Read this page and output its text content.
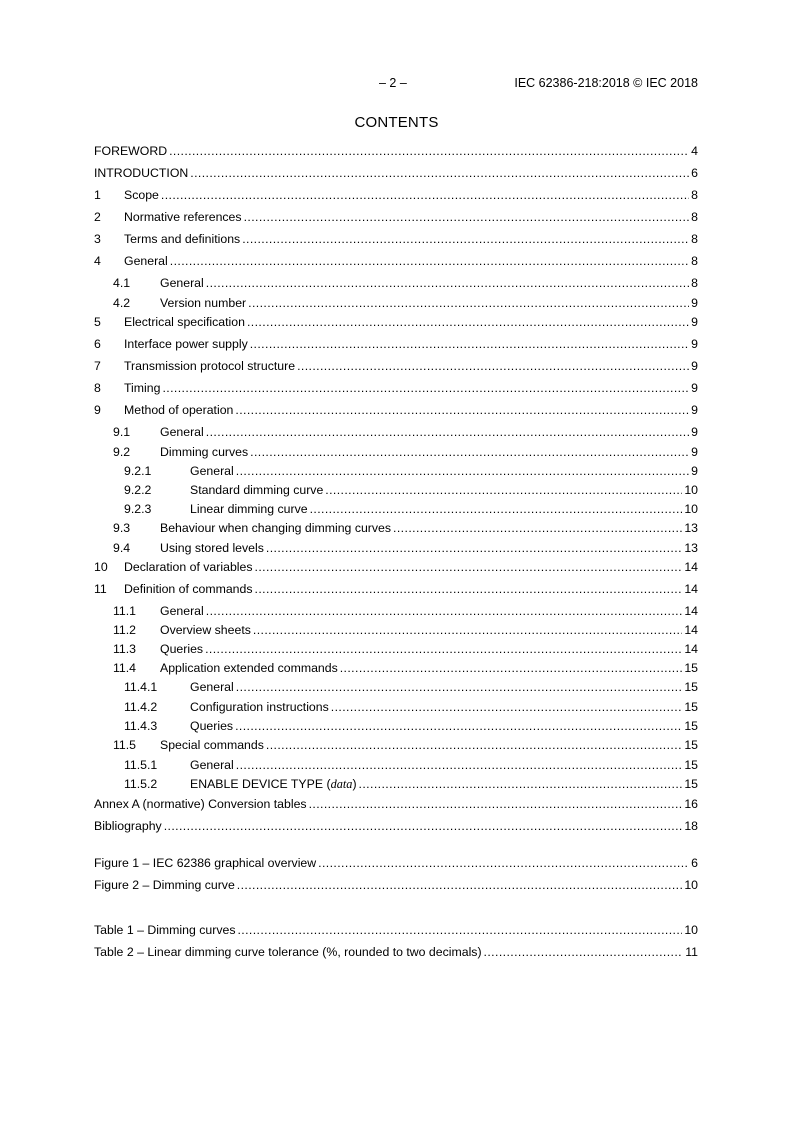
– 2 –	IEC 62386-218:2018 © IEC 2018
CONTENTS
FOREWORD .....	4
INTRODUCTION .....	6
1	Scope .....	8
2	Normative references .....	8
3	Terms and definitions .....	8
4	General .....	8
4.1	General .....	8
4.2	Version number .....	9
5	Electrical specification .....	9
6	Interface power supply .....	9
7	Transmission protocol structure .....	9
8	Timing .....	9
9	Method of operation .....	9
9.1	General .....	9
9.2	Dimming curves .....	9
9.2.1	General .....	9
9.2.2	Standard dimming curve .....	10
9.2.3	Linear dimming curve .....	10
9.3	Behaviour when changing dimming curves .....	13
9.4	Using stored levels .....	13
10	Declaration of variables .....	14
11	Definition of commands .....	14
11.1	General .....	14
11.2	Overview sheets .....	14
11.3	Queries .....	14
11.4	Application extended commands .....	15
11.4.1	General .....	15
11.4.2	Configuration instructions .....	15
11.4.3	Queries .....	15
11.5	Special commands .....	15
11.5.1	General .....	15
11.5.2	ENABLE DEVICE TYPE (data) .....	15
Annex A (normative) Conversion tables .....	16
Bibliography .....	18
Figure 1 – IEC 62386 graphical overview .....	6
Figure 2 – Dimming curve .....	10
Table 1 – Dimming curves .....	10
Table 2 – Linear dimming curve tolerance (%, rounded to two decimals) .....	11
